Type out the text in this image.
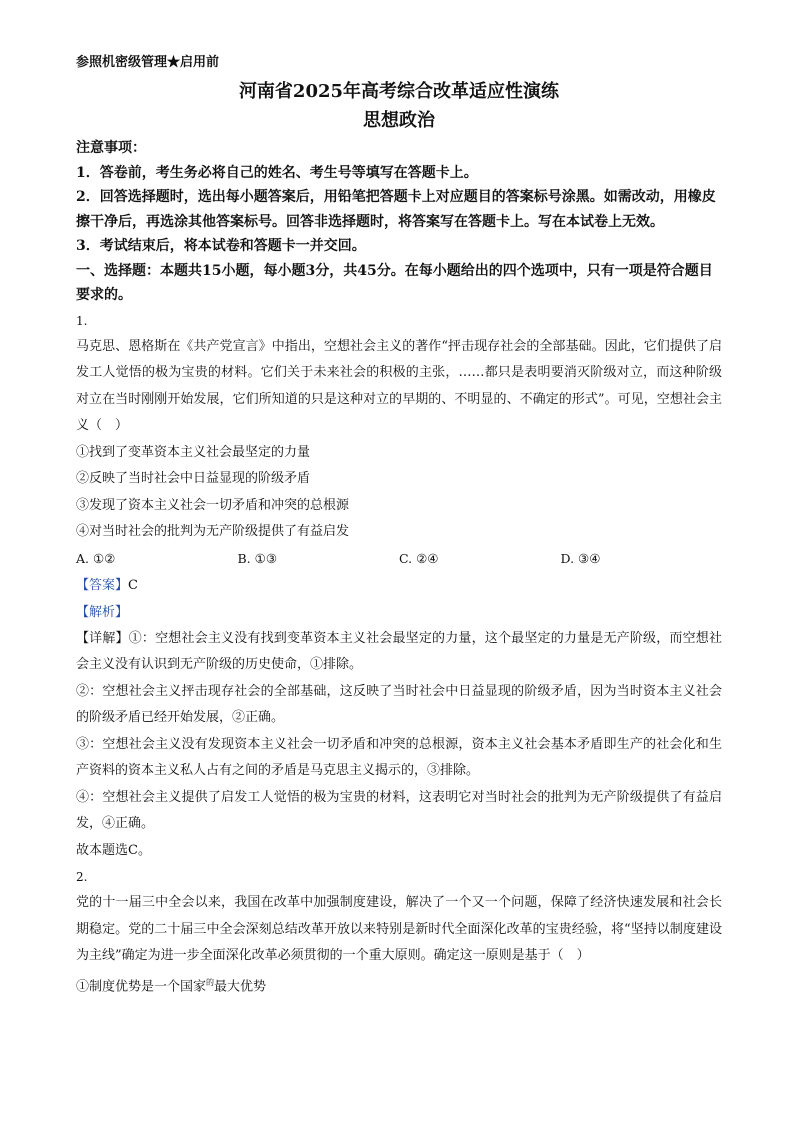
参照机密级管理★启用前
河南省2025年高考综合改革适应性演练
思想政治
注意事项：
1．答卷前，考生务必将自己的姓名、考生号等填写在答题卡上。
2．回答选择题时，选出每小题答案后，用铅笔把答题卡上对应题目的答案标号涂黑。如需改动，用橡皮擦干净后，再选涂其他答案标号。回答非选择题时，将答案写在答题卡上。写在本试卷上无效。
3．考试结束后，将本试卷和答题卡一并交回。
一、选择题：本题共15小题，每小题3分，共45分。在每小题给出的四个选项中，只有一项是符合题目要求的。
1.
马克思、恩格斯在《共产党宣言》中指出，空想社会主义的著作“抨击现存社会的全部基础。因此，它们提供了启发工人觉悟的极为宝贵的材料。它们关于未来社会的积极的主张，……都只是表明要消灭阶级对立，而这种阶级对立在当时刚刚开始发展，它们所知道的只是这种对立的早期的、不明显的、不确定的形式”。可见，空想社会主义（　）
①找到了变革资本主义社会最坚定的力量
②反映了当时社会中日益显现的阶级矛盾
③发现了资本主义社会一切矛盾和冲突的总根源
④对当时社会的批判为无产阶级提供了有益启发
A. ①②	B. ①③	C. ②④	D. ③④
【答案】C
【解析】
【详解】①：空想社会主义没有找到变革资本主义社会最坚定的力量，这个最坚定的力量是无产阶级，而空想社会主义没有认识到无产阶级的历史使命，①排除。
②：空想社会主义抨击现存社会的全部基础，这反映了当时社会中日益显现的阶级矛盾，因为当时资本主义社会的阶级矛盾已经开始发展，②正确。
③：空想社会主义没有发现资本主义社会一切矛盾和冲突的总根源，资本主义社会基本矛盾即生产的社会化和生产资料的资本主义私人占有之间的矛盾是马克思主义揭示的，③排除。
④：空想社会主义提供了启发工人觉悟的极为宝贵的材料，这表明它对当时社会的批判为无产阶级提供了有益启发，④正确。
故本题选C。
2.
党的十一届三中全会以来，我国在改革中加强制度建设，解决了一个又一个问题，保障了经济快速发展和社会长期稳定。党的二十届三中全会深刻总结改革开放以来特别是新时代全面深化改革的宝贵经验，将“坚持以制度建设为主线”确定为进一步全面深化改革必须贯彻的一个重大原则。确定这一原则是基于（　）
①制度优势是一个国家$^的$最大优势
